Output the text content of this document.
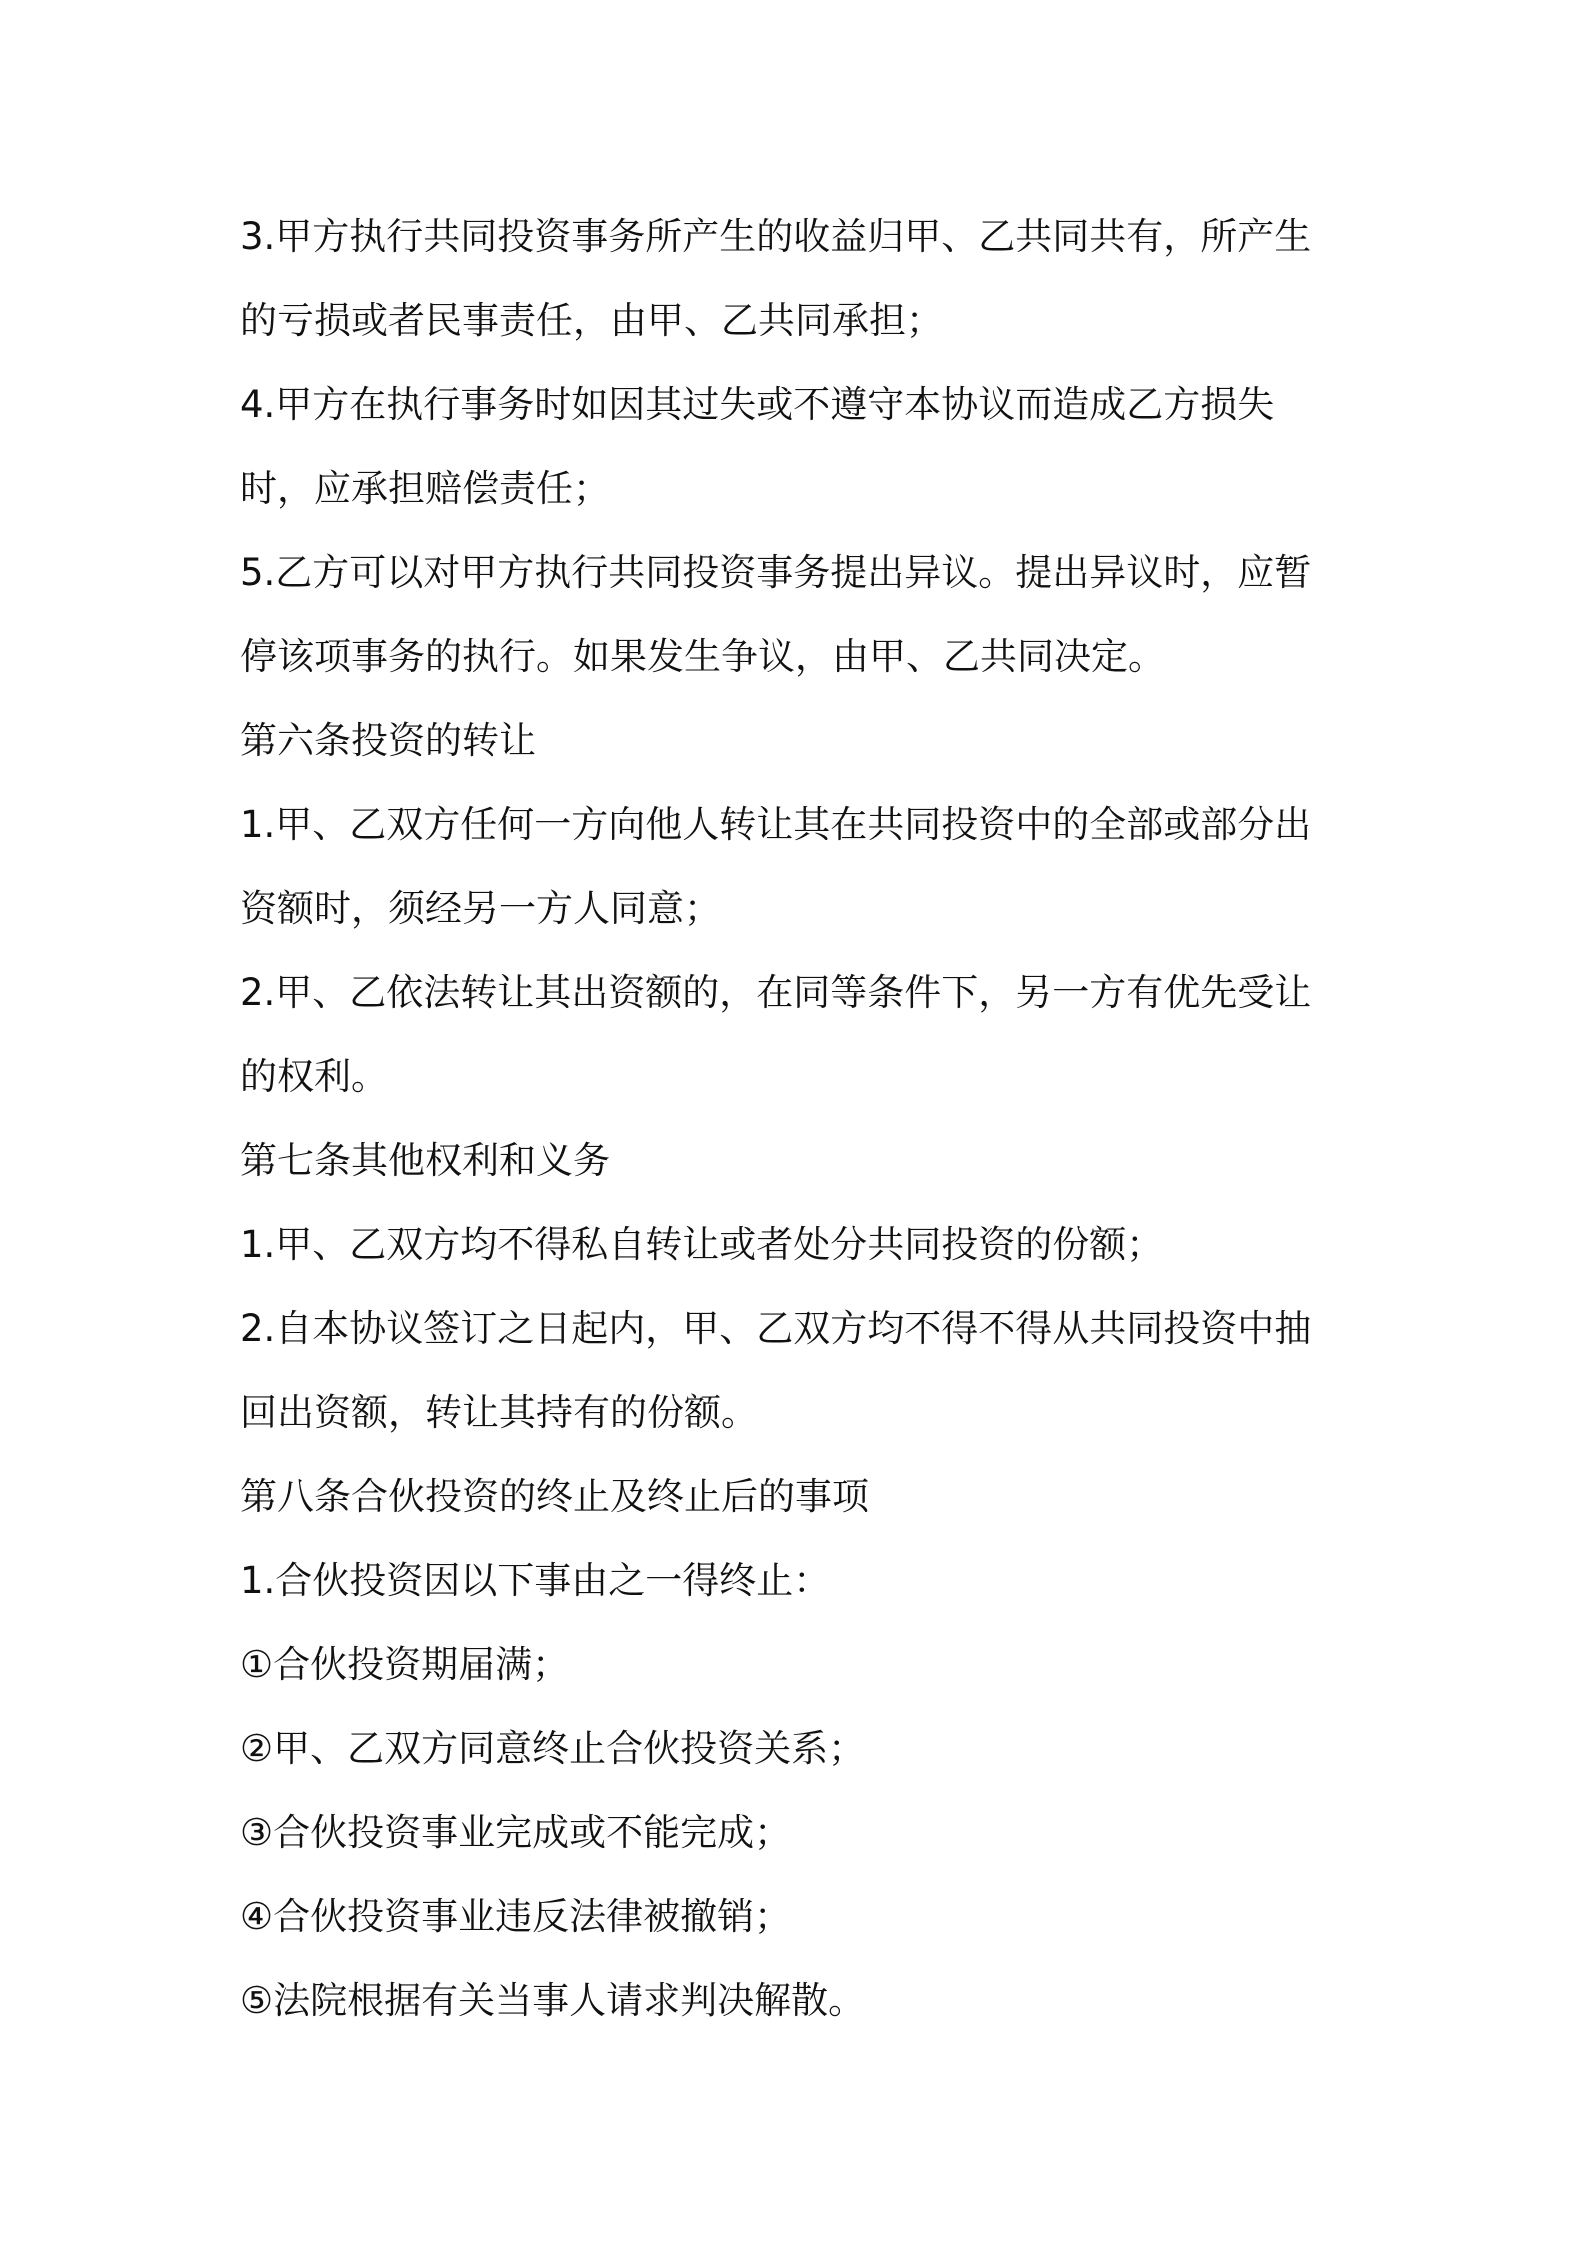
3.甲方执行共同投资事务所产生的收益归甲、乙共同共有，所产生
的亏损或者民事责任，由甲、乙共同承担；
4.甲方在执行事务时如因其过失或不遵守本协议而造成乙方损失
时，应承担赔偿责任；
5.乙方可以对甲方执行共同投资事务提出异议。提出异议时，应暂
停该项事务的执行。如果发生争议，由甲、乙共同决定。
第六条投资的转让
1.甲、乙双方任何一方向他人转让其在共同投资中的全部或部分出
资额时，须经另一方人同意；
2.甲、乙依法转让其出资额的，在同等条件下，另一方有优先受让
的权利。
第七条其他权利和义务
1.甲、乙双方均不得私自转让或者处分共同投资的份额；
2.自本协议签订之日起内，甲、乙双方均不得不得从共同投资中抽
回出资额，转让其持有的份额。
第八条合伙投资的终止及终止后的事项
1.合伙投资因以下事由之一得终止：
①合伙投资期届满；
②甲、乙双方同意终止合伙投资关系；
③合伙投资事业完成或不能完成；
④合伙投资事业违反法律被撤销；
⑤法院根据有关当事人请求判决解散。
